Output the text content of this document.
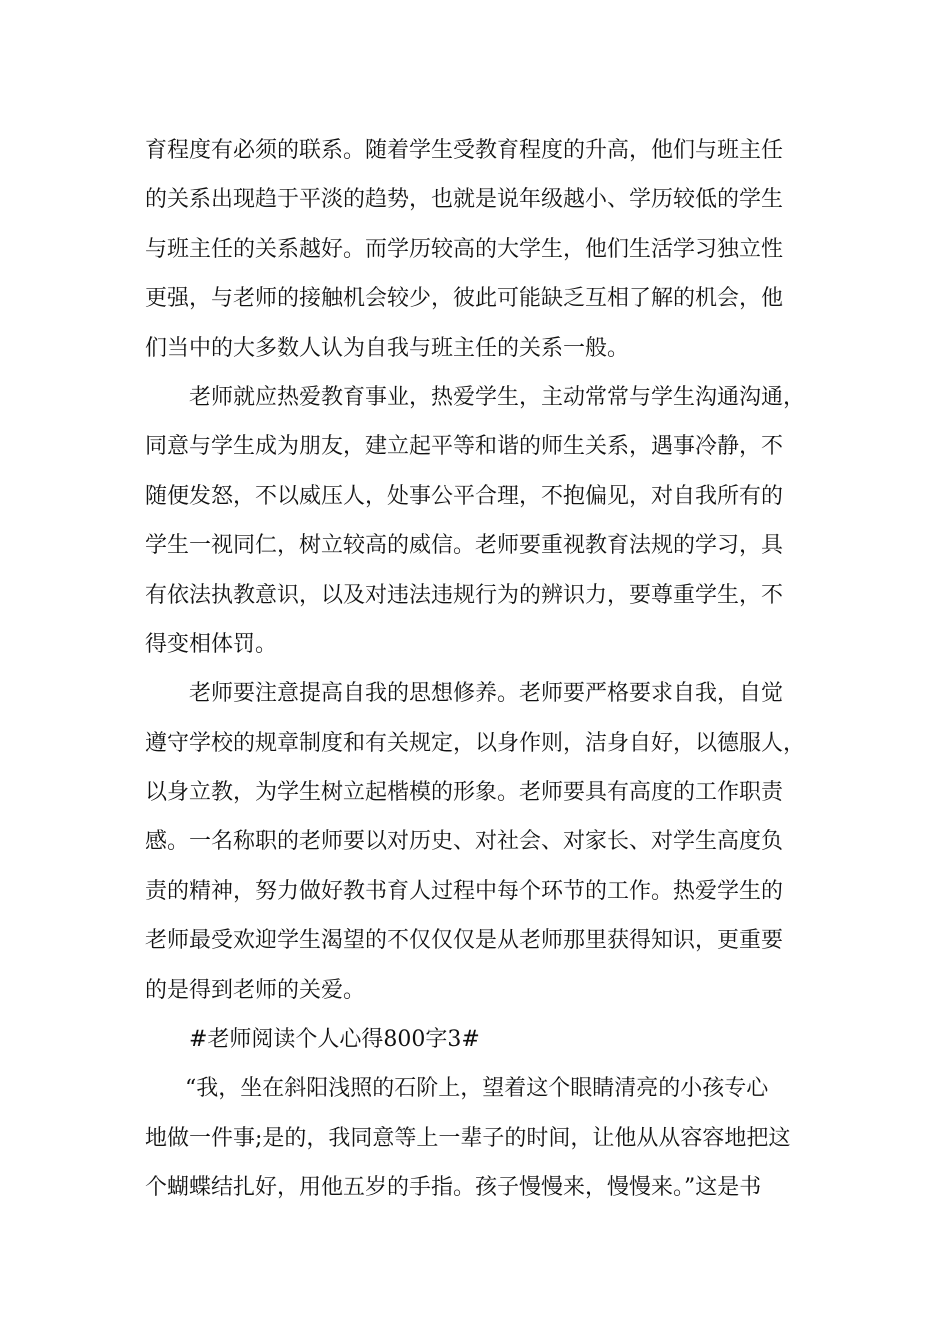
育程度有必须的联系。随着学生受教育程度的升高，他们与班主任
的关系出现趋于平淡的趋势，也就是说年级越小、学历较低的学生
与班主任的关系越好。而学历较高的大学生，他们生活学习独立性
更强，与老师的接触机会较少，彼此可能缺乏互相了解的机会，他
们当中的大多数人认为自我与班主任的关系一般。
老师就应热爱教育事业，热爱学生，主动常常与学生沟通沟通，
同意与学生成为朋友，建立起平等和谐的师生关系，遇事冷静，不
随便发怒，不以威压人，处事公平合理，不抱偏见，对自我所有的
学生一视同仁，树立较高的威信。老师要重视教育法规的学习，具
有依法执教意识，以及对违法违规行为的辨识力，要尊重学生，不
得变相体罚。
老师要注意提高自我的思想修养。老师要严格要求自我，自觉
遵守学校的规章制度和有关规定，以身作则，洁身自好，以德服人，
以身立教，为学生树立起楷模的形象。老师要具有高度的工作职责
感。一名称职的老师要以对历史、对社会、对家长、对学生高度负
责的精神，努力做好教书育人过程中每个环节的工作。热爱学生的
老师最受欢迎学生渴望的不仅仅仅是从老师那里获得知识，更重要
的是得到老师的关爱。
#老师阅读个人心得800字3#
“我，坐在斜阳浅照的石阶上，望着这个眼睛清亮的小孩专心
地做一件事;是的，我同意等上一辈子的时间，让他从从容容地把这
个蝴蝶结扎好，用他五岁的手指。孩子慢慢来，慢慢来。”这是书
